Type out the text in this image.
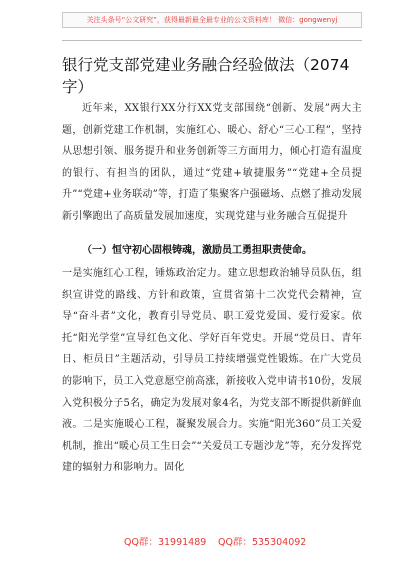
关注头条号“公文研究”，获得最新最全最专业的公文资料库！ 微信：gongwenyj
银行党支部党建业务融合经验做法（2074字）

近年来，XX银行XX分行XX党支部围绕“创新、发展”两大主题，创新党建工作机制，实施红心、暖心、舒心“三心工程”，坚持从思想引领、服务提升和业务创新等三方面用力，倾心打造有温度的银行、有担当的团队，通过“党建+敏捷服务”“党建+全员提升”“党建+业务联动”等，打造了集聚客户强磁场、点燃了推动发展新引擎跑出了高质量发展加速度，实现党建与业务融合互促提升

（一）恒守初心固根铸魂，激励员工勇担职责使命。

一是实施红心工程，锤炼政治定力。建立思想政治辅导员队伍，组织宣讲党的路线、方针和政策，宣贯省第十二次党代会精神，宣导“奋斗者”文化，教育引导党员、职工爱党爱国、爱行爱家。依托“阳光学堂”宣导红色文化、学好百年党史。开展“党员日、青年日、柜员日”主题活动，引导员工持续增强党性锻炼。在广大党员的影响下，员工入党意愿空前高涨，新接收入党申请书10份，发展入党积极分子5名，确定为发展对象4名，为党支部不断提供新鲜血液。二是实施暖心工程，凝聚发展合力。实施“阳光360”员工关爱机制，推出“暖心员工生日会”“关爱员工专题沙龙”等，充分发挥党建的辐射力和影响力。固化

QQ群：31991489 QQ群：535304092
